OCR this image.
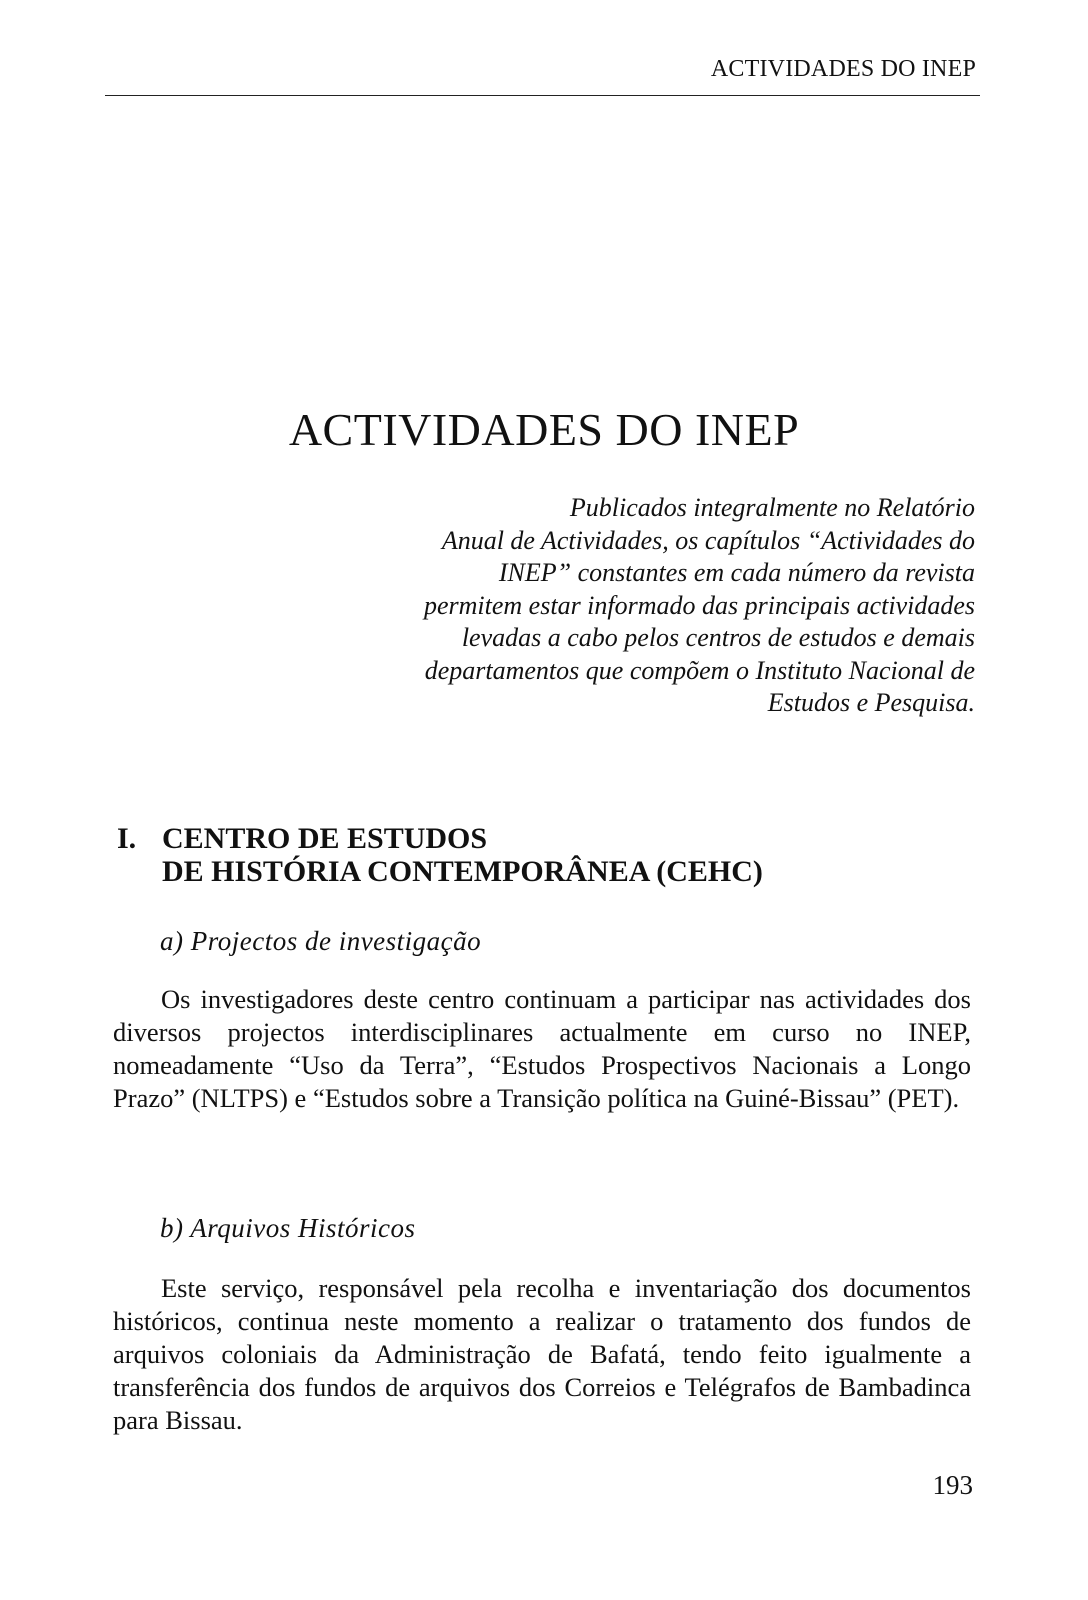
ACTIVIDADES DO INEP
ACTIVIDADES DO INEP
Publicados integralmente no Relatório
Anual de Actividades, os capítulos “Actividades do
INEP” constantes em cada número da revista
permitem estar informado das principais actividades
levadas a cabo pelos centros de estudos e demais
departamentos que compõem o Instituto Nacional de
Estudos e Pesquisa.
I. CENTRO DE ESTUDOS
DE HISTÓRIA CONTEMPORÂNEA (CEHC)
a) Projectos de investigação

Os investigadores deste centro continuam a participar nas actividades dos diversos projectos interdisciplinares actualmente em curso no INEP, nomeadamente “Uso da Terra”, “Estudos Prospectivos Nacionais a Longo Prazo” (NLTPS) e “Estudos sobre a Transição política na Guiné-Bissau” (PET).

b) Arquivos Históricos

Este serviço, responsável pela recolha e inventariação dos documentos históricos, continua neste momento a realizar o tratamento dos fundos de arquivos coloniais da Administração de Bafatá, tendo feito igualmente a transferência dos fundos de arquivos dos Correios e Telégrafos de Bambadinca para Bissau.

193
